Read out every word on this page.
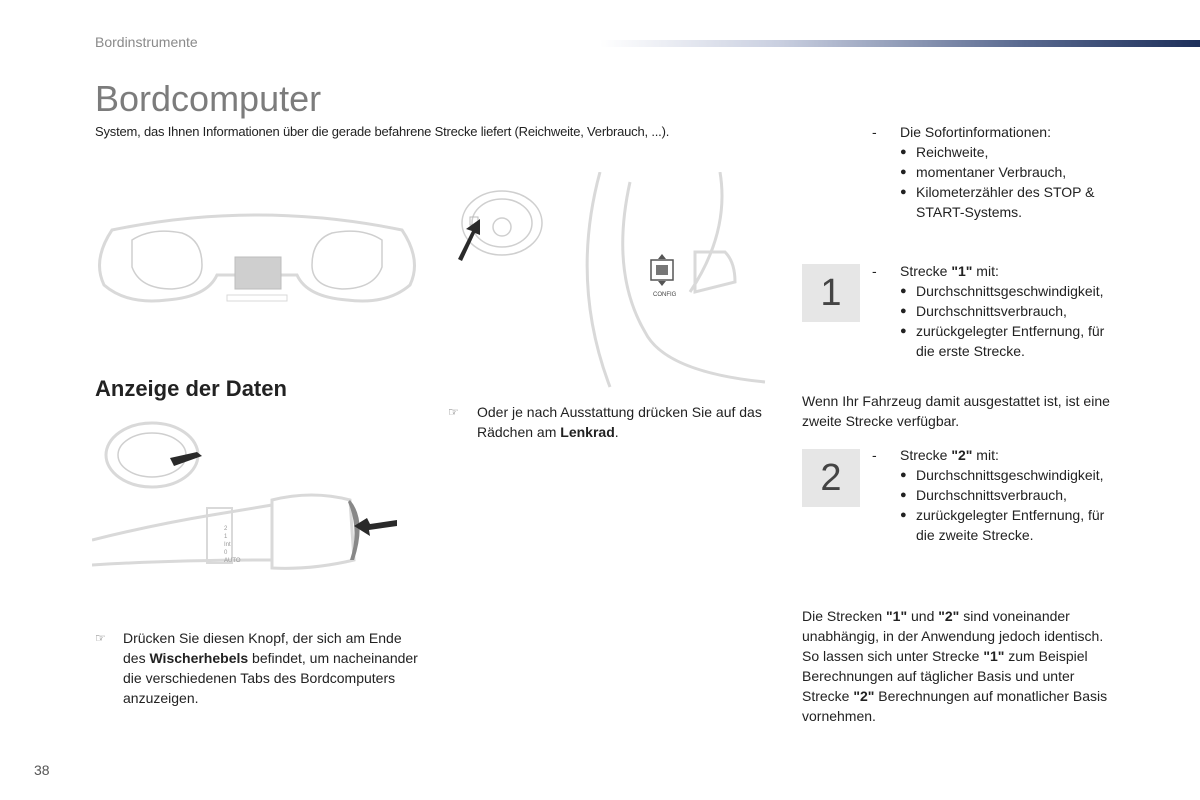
Bordinstrumente
Bordcomputer
System, das Ihnen Informationen über die gerade befahrene Strecke liefert (Reichweite, Verbrauch, ...).
CONFIG
- Die Sofortinformationen:
● Reichweite,
● momentaner Verbrauch,
● Kilometerzähler des STOP & START-Systems.
1
- Strecke "1" mit:
● Durchschnittsgeschwindigkeit,
● Durchschnittsverbrauch,
● zurückgelegter Entfernung, für die erste Strecke.
Wenn Ihr Fahrzeug damit ausgestattet ist, ist eine zweite Strecke verfügbar.
2
- Strecke "2" mit:
● Durchschnittsgeschwindigkeit,
● Durchschnittsverbrauch,
● zurückgelegter Entfernung, für die zweite Strecke.
Die Strecken "1" und "2" sind voneinander unabhängig, in der Anwendung jedoch identisch.
So lassen sich unter Strecke "1" zum Beispiel Berechnungen auf täglicher Basis und unter Strecke "2" Berechnungen auf monatlicher Basis vornehmen.
Anzeige der Daten
☞	Oder je nach Ausstattung drücken Sie auf das Rädchen am Lenkrad.
2
1
Int
0
AUTO
☞	Drücken Sie diesen Knopf, der sich am Ende des Wischerhebels befindet, um nacheinander die verschiedenen Tabs des Bordcomputers anzuzeigen.
38
